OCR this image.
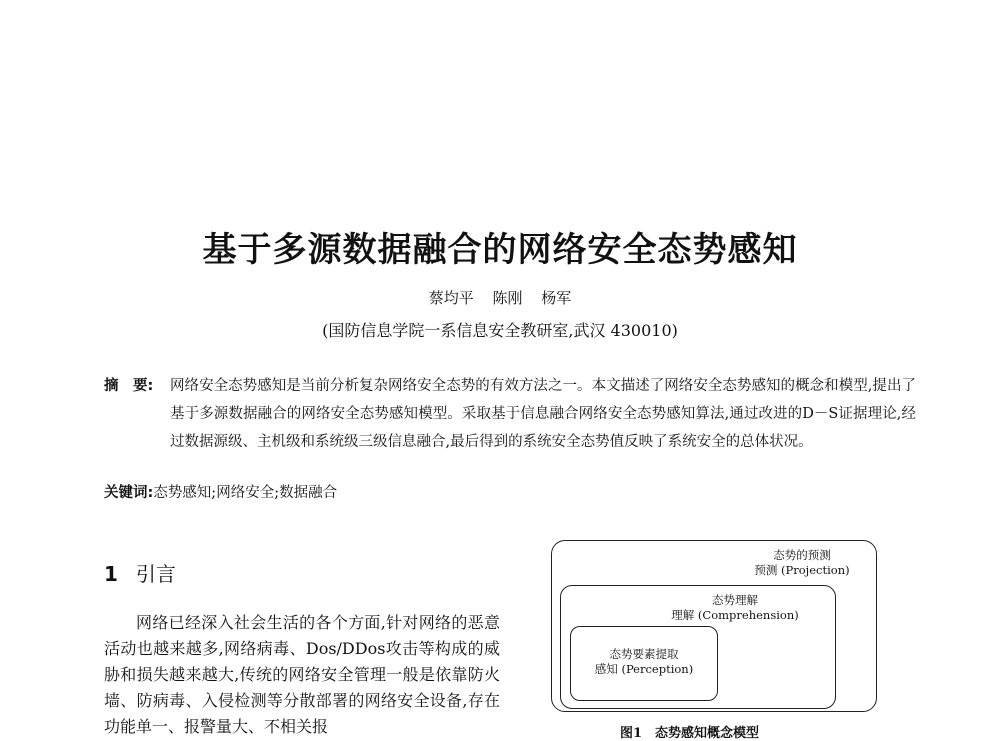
基于多源数据融合的网络安全态势感知
蔡均平 陈刚 杨军
(国防信息学院一系信息安全教研室,武汉 430010)
摘　要:	网络安全态势感知是当前分析复杂网络安全态势的有效方法之一。本文描述了网络安全态势感知的概念和模型,提出了基于多源数据融合的网络安全态势感知模型。采取基于信息融合网络安全态势感知算法,通过改进的D－S证据理论,经过数据源级、主机级和系统级三级信息融合,最后得到的系统安全态势值反映了系统安全的总体状况。
关键词:态势感知;网络安全;数据融合
1 引言
网络已经深入社会生活的各个方面,针对网络的恶意活动也越来越多,网络病毒、Dos/DDos攻击等构成的威胁和损失越来越大,传统的网络安全管理一般是依靠防火墙、防病毒、入侵检测等分散部署的网络安全设备,存在功能单一、报警量大、不相关报
态势的预测
预测 (Projection)
态势理解
理解 (Comprehension)
态势要素提取
感知 (Perception)
图1　态势感知概念模型
